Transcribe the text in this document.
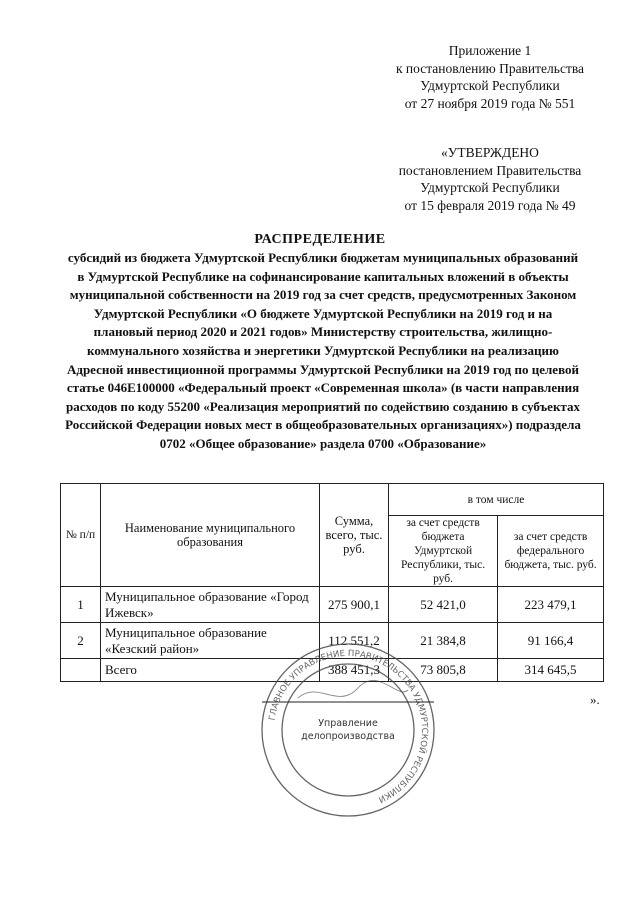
Приложение 1
к постановлению Правительства
Удмуртской Республики
от 27 ноября 2019 года № 551
«УТВЕРЖДЕНО
постановлением Правительства
Удмуртской Республики
от 15 февраля 2019 года № 49
РАСПРЕДЕЛЕНИЕ
субсидий из бюджета Удмуртской Республики бюджетам муниципальных образований
в Удмуртской Республике на софинансирование капитальных вложений в объекты
муниципальной собственности на 2019 год за счет средств, предусмотренных Законом
Удмуртской Республики «О бюджете Удмуртской Республики на 2019 год и на
плановый период 2020 и 2021 годов» Министерству строительства, жилищно-
коммунального хозяйства и энергетики Удмуртской Республики на реализацию
Адресной инвестиционной программы Удмуртской Республики на 2019 год по целевой
статье 046Е100000 «Федеральный проект «Современная школа» (в части направления
расходов по коду 55200 «Реализация мероприятий по содействию созданию в субъектах
Российской Федерации новых мест в общеобразовательных организациях») подраздела
0702 «Общее образование» раздела 0700 «Образование»
№ п/п	Наименование муниципального образования	Сумма, всего, тыс. руб.	в том числе	
			за счет средств бюджета Удмуртской Республики, тыс. руб.	за счет средств федерального бюджета, тыс. руб.
1	Муниципальное образование «Город Ижевск»	275 900,1	52 421,0	223 479,1
2	Муниципальное образование «Кезский район»	112 551,2	21 384,8	91 166,4
	Всего	388 451,3	73 805,8	314 645,5
».
ГЛАВНОЕ УПРАВЛЕНИЕ ПРАВИТЕЛЬСТВА УДМУРТСКОЙ РЕСПУБЛИКИ
Управление
делопроизводства
